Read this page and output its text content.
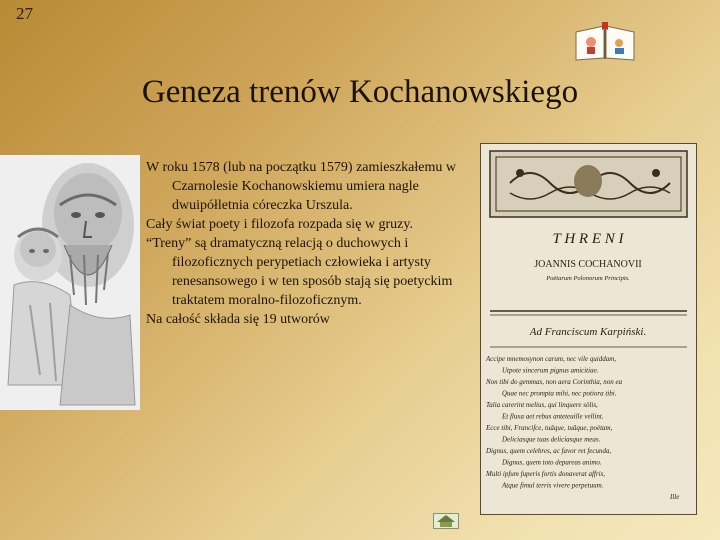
27
Geneza trenów Kochanowskiego

W roku 1578 (lub na początku 1579) zamieszkałemu w Czarnolesie Kochanowskiemu umiera nagle dwuipółletnia córeczka Urszula.

Cały świat poety i filozofa rozpada się w gruzy.

“Treny” są dramatyczną relacją o duchowych i filozoficznych perypetiach człowieka i artysty renesansowego i w ten sposób stają się poetyckim traktatem moralno-filozoficznym.

Na całość składa się 19 utworów

T H R E N I
JOANNIS COCHANOVII
Poëtarum Polonorum Principis.
Ad Franciscum Karpiński.
Accipe mnemosynon carum, nec vile quiddam,
Utpote sincerum pignus amicitiae.
Non tibi do gemmas, non aera Corinthia, non ea
Quae nec prompta mihi, nec potiora tibi.
Talia carerint melius, qui linquere sölis,
Et fluxa aet rebus anteteuille vellint.
Ecce tibi, Francifce, tuâque, tuâque, poëtam,
Deliciasque tuas deliciasque meas.
Dignus, quem celebres, ac favor ret fecunda,
Dignus, quem toto depareas animo.
Multi ipfum fuperis fortis donaverat affris,
Atque fimul terris vivere perpetuum.
Ille
